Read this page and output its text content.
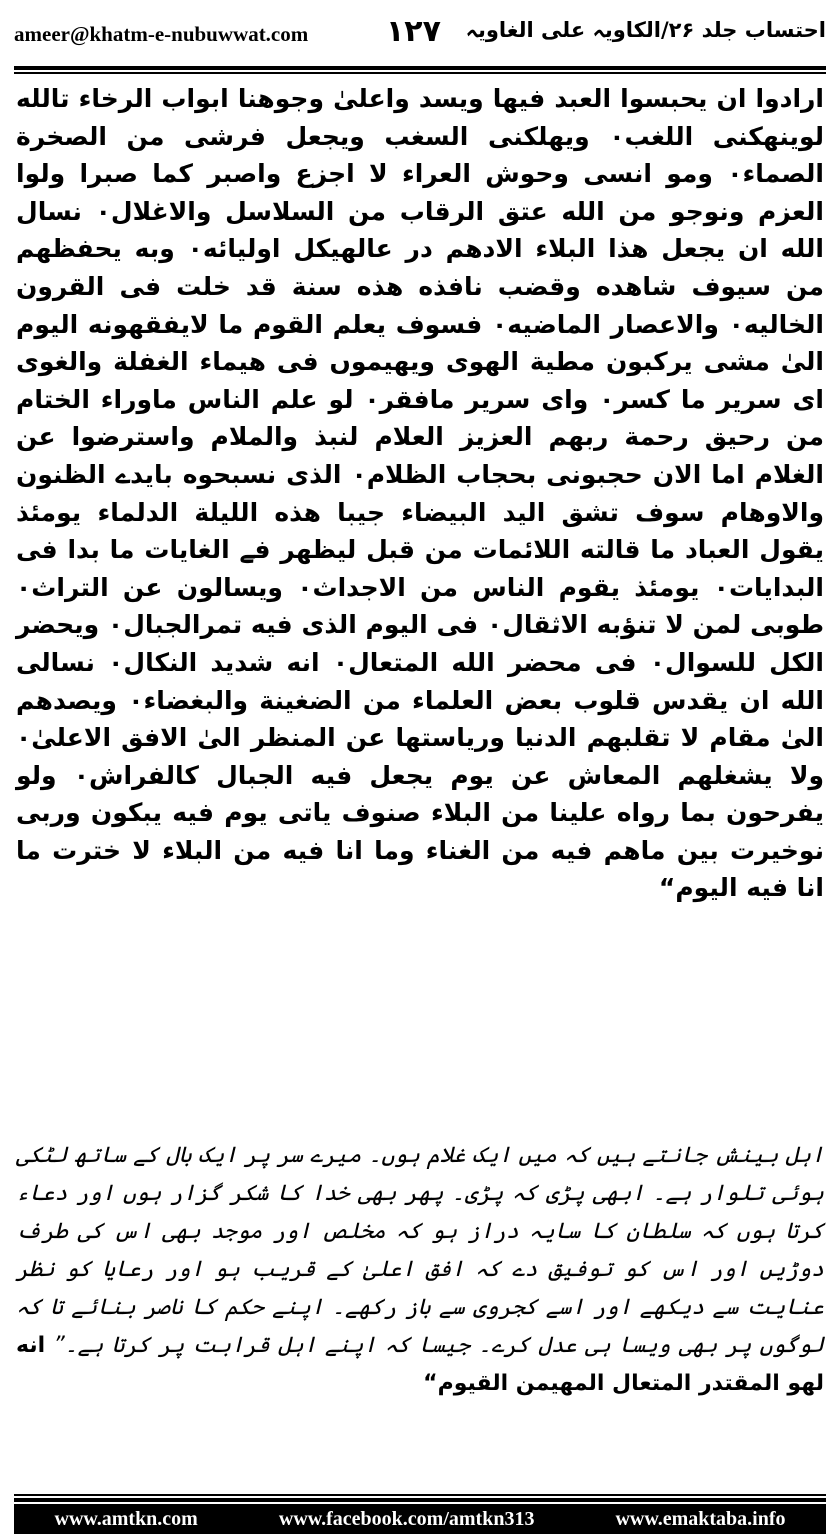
ameer@khatm-e-nubuwwat.com	۱۲۷ احتساب جلد ۲۶/الکاویہ علی الغاویہ
ارادوا ان یحبسوا العبد فیها ویسد واعلیٰ وجوهنا ابواب الرخاء تالله لوینهکنی اللغب۰ ویهلکنی السغب ویجعل فرشی من الصخرة الصماء۰ ومو انسی وحوش العراء لا اجزع واصبر کما صبرا ولوا العزم ونوجو من الله عتق الرقاب من السلاسل والاغلال۰ نسال الله ان یجعل هذا البلاء الادهم در عالهیکل اولیائه۰ وبه یحفظهم من سیوف شاهده وقضب نافذه هذه سنة قد خلت فی القرون الخالیه۰ والاعصار الماضیه۰ فسوف یعلم القوم ما لایفقهونه الیوم الیٰ مشی یرکبون مطیة الهوی ویهیموں فی هیماء الغفلة والغوی ای سریر ما کسر۰ وای سریر مافقر۰ لو علم الناس ماوراء الختام من رحیق رحمة ربهم العزیز العلام لنبذ والملام واسترضوا عن الغلام اما الان حجبونی بحجاب الظلام۰ الذی نسبحوه بایدے الظنون والاوهام سوف تشق الید البیضاء جیبا هذه اللیلة الدلماء یومئذ یقول العباد ما قالته اللائمات من قبل لیظهر فے الغایات ما بدا فی البدایات۰ یومئذ یقوم الناس من الاجداث۰ ویسالون عن التراث۰ طوبی لمن لا تنؤبه الاثقال۰ فی الیوم الذی فیه تمرالجبال۰ ویحضر الکل للسوال۰ فی محضر الله المتعال۰ انه شدید النکال۰ نسالی الله ان یقدس قلوب بعض العلماء من الضغینة والبغضاء۰ ویصدهم الیٰ مقام لا تقلبهم الدنیا وریاستها عن المنظر الیٰ الافق الاعلیٰ۰ ولا یشغلهم المعاش عن یوم یجعل فیه الجبال کالفراش۰ ولو یفرحون بما رواه علینا من البلاء صنوف یاتی یوم فیه یبکون وربی نوخیرت بین ماهم فیه من الغناء وما انا فیه من البلاء لا خترت ما انا فیه الیوم“

اہل بینش جانتے ہیں کہ میں ایک غلام ہوں۔ میرے سر پر ایک بال کے ساتھ لٹکی ہوئی تلوار ہے۔ ابھی پڑی کہ پڑی۔ پھر بھی خدا کا شکر گزار ہوں اور دعاء کرتا ہوں کہ سلطان کا سایہ دراز ہو کہ مخلص اور موجد بھی اس کی طرف دوڑیں اور اس کو توفیق دے کہ افق اعلیٰ کے قریب ہو اور رعایا کو نظر عنایت سے دیکھے اور اسے کجروی سے باز رکھے۔ اپنے حکم کا ناصر بنائے تا کہ لوگوں پر بھی ویسا ہی عدل کرے۔ جیسا کہ اپنے اہل قرابت پر کرتا ہے۔” انه لهو المقتدر المتعال المهیمن القیوم“

www.amtkn.com	www.facebook.com/amtkn313	www.emaktaba.info
